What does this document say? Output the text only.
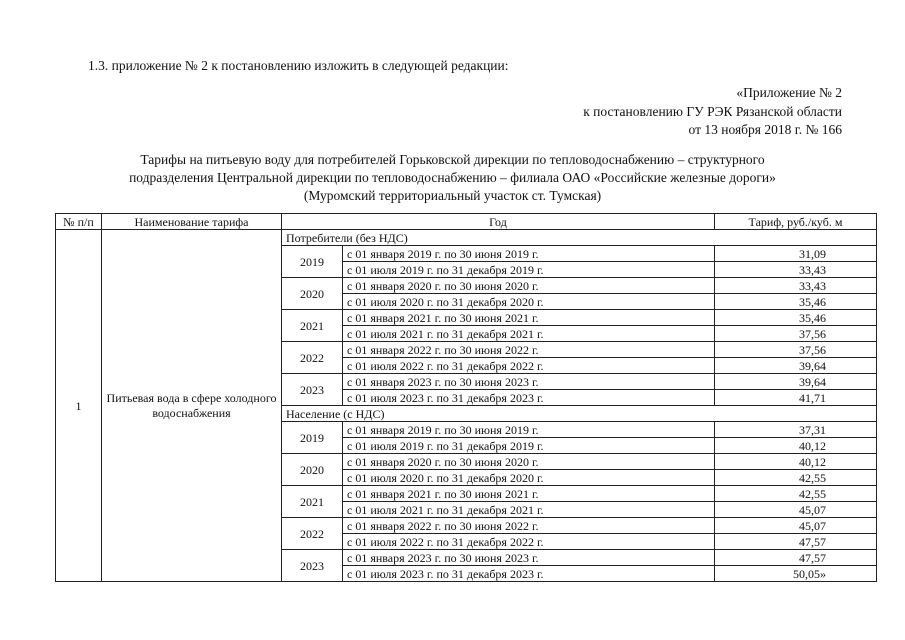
1.3. приложение № 2 к постановлению изложить в следующей редакции:
«Приложение № 2
к постановлению ГУ РЭК Рязанской области
от 13 ноября 2018 г. № 166
Тарифы на питьевую воду для потребителей Горьковской дирекции по тепловодоснабжению – структурного
подразделения Центральной дирекции по тепловодоснабжению – филиала ОАО «Российские железные дороги»
(Муромский территориальный участок ст. Тумская)
№ п/п	Наименование тарифа	Год		Тариф, руб./куб. м
1	Питьевая вода в сфере холодного водоснабжения	Потребители (без НДС)		
		2019	с 01 января 2019 г. по 30 июня 2019 г.	31,09
			с 01 июля 2019 г. по 31 декабря 2019 г.	33,43
		2020	с 01 января 2020 г. по 30 июня 2020 г.	33,43
			с 01 июля 2020 г. по 31 декабря 2020 г.	35,46
		2021	с 01 января 2021 г. по 30 июня 2021 г.	35,46
			с 01 июля 2021 г. по 31 декабря 2021 г.	37,56
		2022	с 01 января 2022 г. по 30 июня 2022 г.	37,56
			с 01 июля 2022 г. по 31 декабря 2022 г.	39,64
		2023	с 01 января 2023 г. по 30 июня 2023 г.	39,64
			с 01 июля 2023 г. по 31 декабря 2023 г.	41,71
		Население (с НДС)		
		2019	с 01 января 2019 г. по 30 июня 2019 г.	37,31
			с 01 июля 2019 г. по 31 декабря 2019 г.	40,12
		2020	с 01 января 2020 г. по 30 июня 2020 г.	40,12
			с 01 июля 2020 г. по 31 декабря 2020 г.	42,55
		2021	с 01 января 2021 г. по 30 июня 2021 г.	42,55
			с 01 июля 2021 г. по 31 декабря 2021 г.	45,07
		2022	с 01 января 2022 г. по 30 июня 2022 г.	45,07
			с 01 июля 2022 г. по 31 декабря 2022 г.	47,57
		2023	с 01 января 2023 г. по 30 июня 2023 г.	47,57
			с 01 июля 2023 г. по 31 декабря 2023 г.	50,05»
